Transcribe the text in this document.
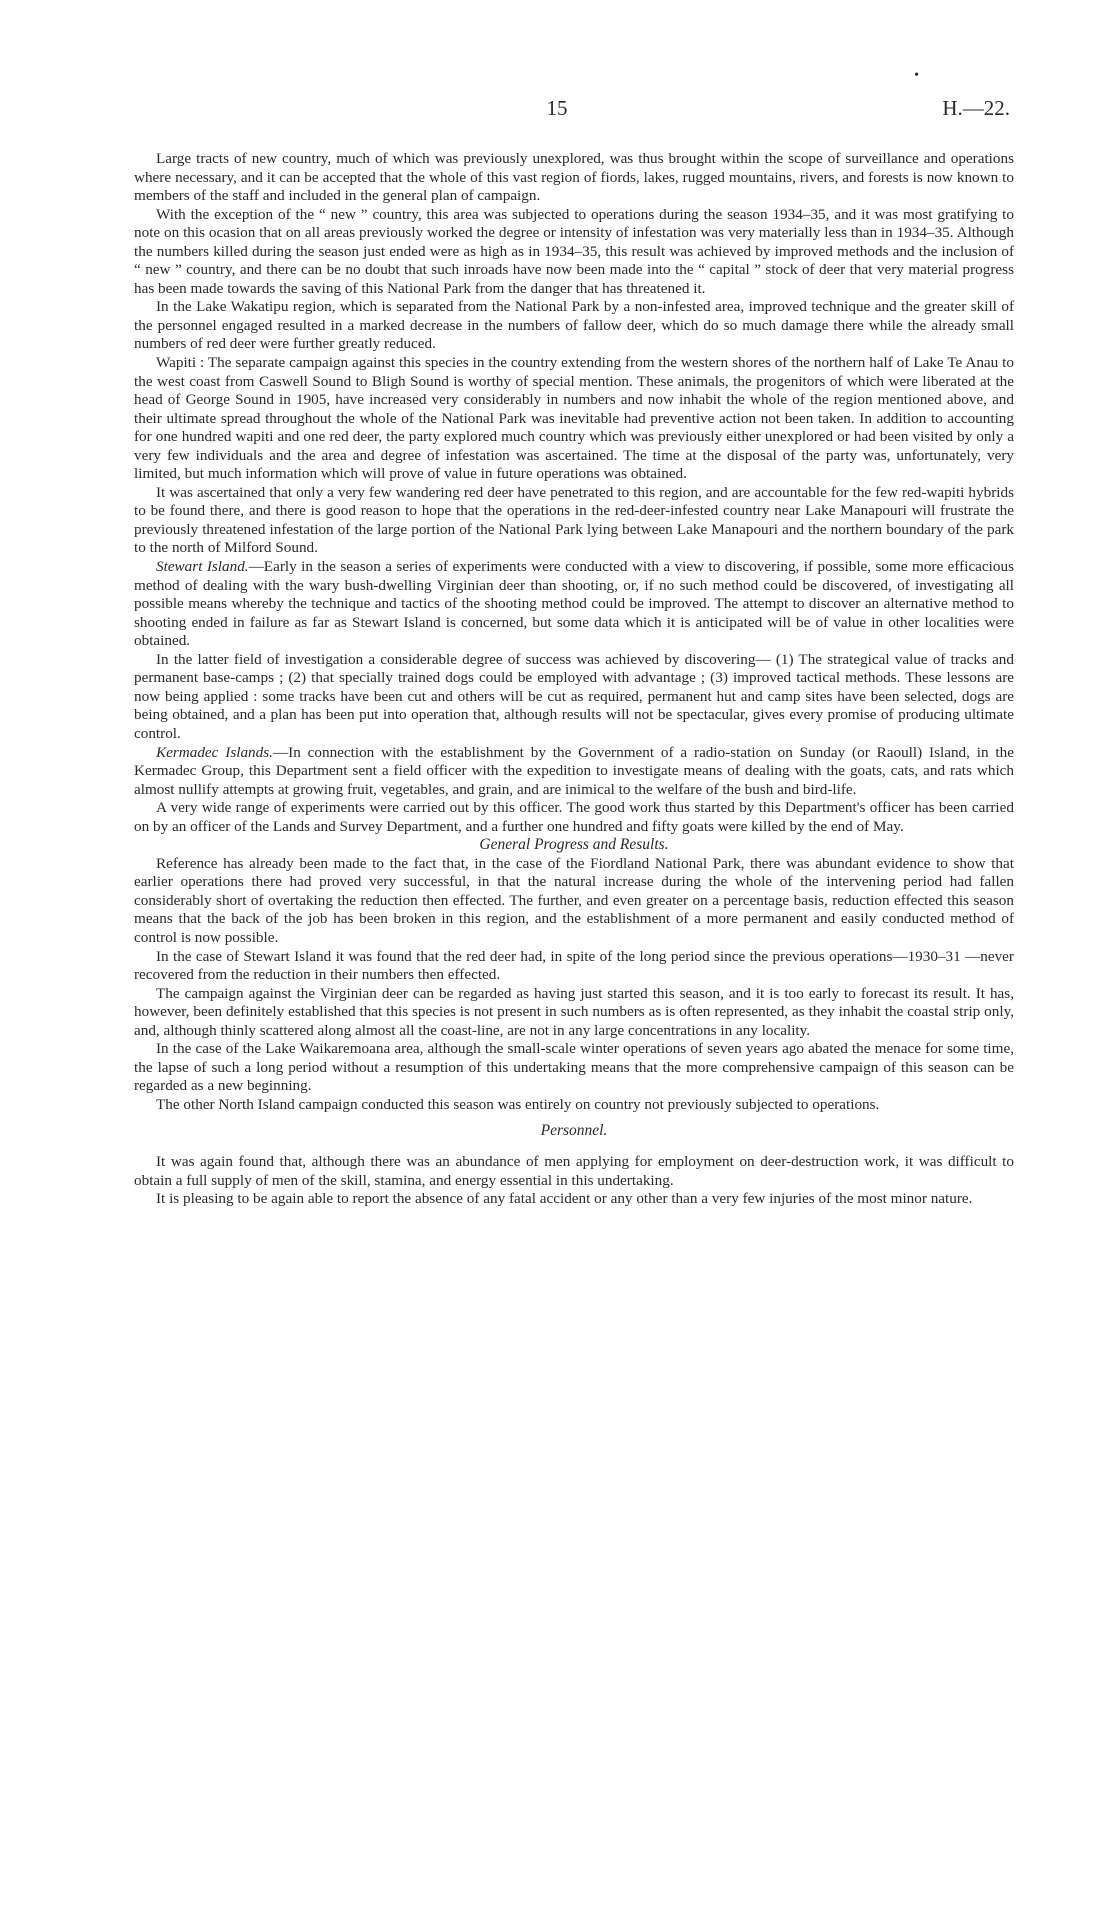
15
•
H.—22.

Large tracts of new country, much of which was previously unexplored, was thus brought within the scope of surveillance and operations where necessary, and it can be accepted that the whole of this vast region of fiords, lakes, rugged mountains, rivers, and forests is now known to members of the staff and included in the general plan of campaign.

With the exception of the “ new ” country, this area was subjected to operations during the season 1934–35, and it was most gratifying to note on this ocasion that on all areas previously worked the degree or intensity of infestation was very materially less than in 1934–35. Although the numbers killed during the season just ended were as high as in 1934–35, this result was achieved by improved methods and the inclusion of “ new ” country, and there can be no doubt that such inroads have now been made into the “ capital ” stock of deer that very material progress has been made towards the saving of this National Park from the danger that has threatened it.

In the Lake Wakatipu region, which is separated from the National Park by a non-infested area, improved technique and the greater skill of the personnel engaged resulted in a marked decrease in the numbers of fallow deer, which do so much damage there while the already small numbers of red deer were further greatly reduced.

Wapiti : The separate campaign against this species in the country extending from the western shores of the northern half of Lake Te Anau to the west coast from Caswell Sound to Bligh Sound is worthy of special mention. These animals, the progenitors of which were liberated at the head of George Sound in 1905, have increased very considerably in numbers and now inhabit the whole of the region mentioned above, and their ultimate spread throughout the whole of the National Park was inevitable had preventive action not been taken. In addition to accounting for one hundred wapiti and one red deer, the party explored much country which was previously either unexplored or had been visited by only a very few individuals and the area and degree of infestation was ascertained. The time at the disposal of the party was, unfortunately, very limited, but much information which will prove of value in future operations was obtained.

It was ascertained that only a very few wandering red deer have penetrated to this region, and are accountable for the few red-wapiti hybrids to be found there, and there is good reason to hope that the operations in the red-deer-infested country near Lake Manapouri will frustrate the previously threatened infestation of the large portion of the National Park lying between Lake Manapouri and the northern boundary of the park to the north of Milford Sound.

Stewart Island.—Early in the season a series of experiments were conducted with a view to discovering, if possible, some more efficacious method of dealing with the wary bush-dwelling Virginian deer than shooting, or, if no such method could be discovered, of investigating all possible means whereby the technique and tactics of the shooting method could be improved. The attempt to discover an alternative method to shooting ended in failure as far as Stewart Island is concerned, but some data which it is anticipated will be of value in other localities were obtained.

In the latter field of investigation a considerable degree of success was achieved by discovering— (1) The strategical value of tracks and permanent base-camps ; (2) that specially trained dogs could be employed with advantage ; (3) improved tactical methods. These lessons are now being applied : some tracks have been cut and others will be cut as required, permanent hut and camp sites have been selected, dogs are being obtained, and a plan has been put into operation that, although results will not be spectacular, gives every promise of producing ultimate control.

Kermadec Islands.—In connection with the establishment by the Government of a radio-station on Sunday (or Raoull) Island, in the Kermadec Group, this Department sent a field officer with the expedition to investigate means of dealing with the goats, cats, and rats which almost nullify attempts at growing fruit, vegetables, and grain, and are inimical to the welfare of the bush and bird-life.

A very wide range of experiments were carried out by this officer. The good work thus started by this Department's officer has been carried on by an officer of the Lands and Survey Department, and a further one hundred and fifty goats were killed by the end of May.

General Progress and Results.

Reference has already been made to the fact that, in the case of the Fiordland National Park, there was abundant evidence to show that earlier operations there had proved very successful, in that the natural increase during the whole of the intervening period had fallen considerably short of overtaking the reduction then effected. The further, and even greater on a percentage basis, reduction effected this season means that the back of the job has been broken in this region, and the establishment of a more permanent and easily conducted method of control is now possible.

In the case of Stewart Island it was found that the red deer had, in spite of the long period since the previous operations—1930–31 —never recovered from the reduction in their numbers then effected.

The campaign against the Virginian deer can be regarded as having just started this season, and it is too early to forecast its result. It has, however, been definitely established that this species is not present in such numbers as is often represented, as they inhabit the coastal strip only, and, although thinly scattered along almost all the coast-line, are not in any large concentrations in any locality.

In the case of the Lake Waikaremoana area, although the small-scale winter operations of seven years ago abated the menace for some time, the lapse of such a long period without a resumption of this undertaking means that the more comprehensive campaign of this season can be regarded as a new beginning.

The other North Island campaign conducted this season was entirely on country not previously subjected to operations.

Personnel.

It was again found that, although there was an abundance of men applying for employment on deer-destruction work, it was difficult to obtain a full supply of men of the skill, stamina, and energy essential in this undertaking.

It is pleasing to be again able to report the absence of any fatal accident or any other than a very few injuries of the most minor nature.
